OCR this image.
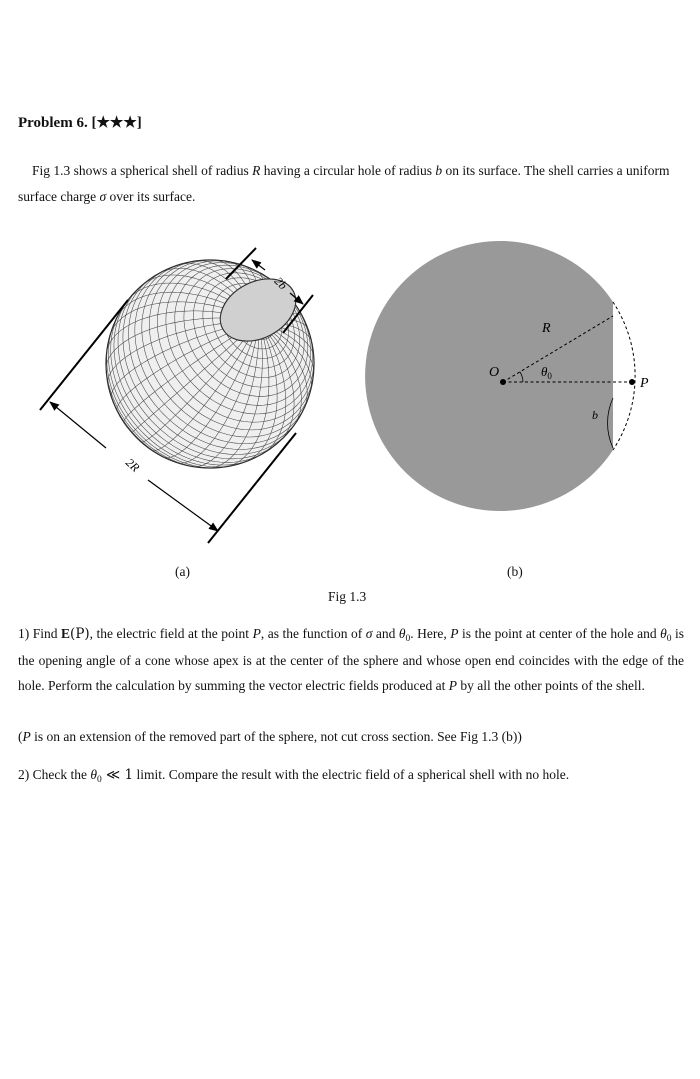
Problem 6. [★★★]
Fig 1.3 shows a spherical shell of radius R having a circular hole of radius b on its surface. The shell carries a uniform surface charge σ over its surface.
2b
2R
R
O	$\theta_0$	P
b
(a)	(b)
Fig 1.3
1) Find E(P), the electric field at the point P, as the function of σ and $\theta_0$. Here, P is the point at center of the hole and $\theta_0$ is the opening angle of a cone whose apex is at the center of the sphere and whose open end coincides with the edge of the hole. Perform the calculation by summing the vector electric fields produced at P by all the other points of the shell.
(P is on an extension of the removed part of the sphere, not cut cross section. See Fig 1.3 (b))
2) Check the $\theta_0$ ≪ 1 limit. Compare the result with the electric field of a spherical shell with no hole.
